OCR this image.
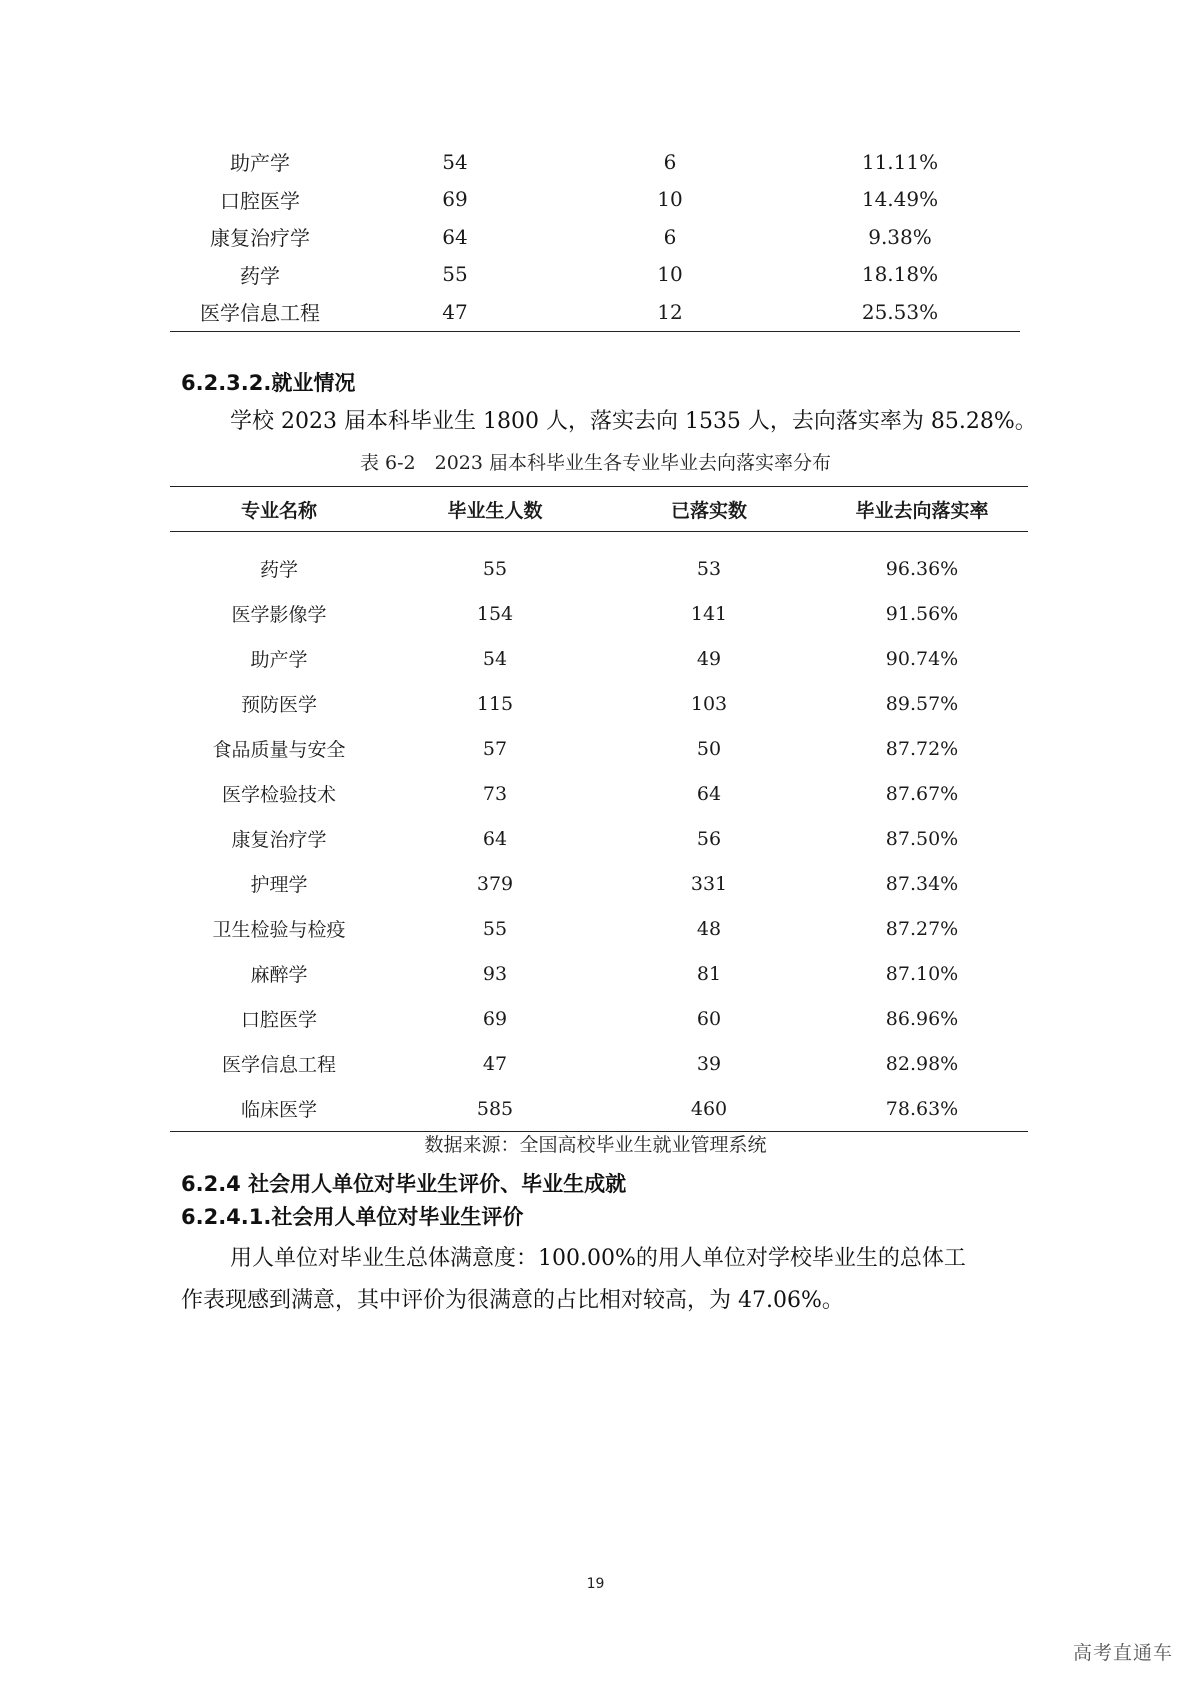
助产学	54	6	11.11%
口腔医学	69	10	14.49%
康复治疗学	64	6	9.38%
药学	55	10	18.18%
医学信息工程	47	12	25.53%
6.2.3.2.就业情况
学校 2023 届本科毕业生 1800 人，落实去向 1535 人，去向落实率为 85.28%。
表 6-2　2023 届本科毕业生各专业毕业去向落实率分布
专业名称	毕业生人数	已落实数	毕业去向落实率
药学	55	53	96.36%
医学影像学	154	141	91.56%
助产学	54	49	90.74%
预防医学	115	103	89.57%
食品质量与安全	57	50	87.72%
医学检验技术	73	64	87.67%
康复治疗学	64	56	87.50%
护理学	379	331	87.34%
卫生检验与检疫	55	48	87.27%
麻醉学	93	81	87.10%
口腔医学	69	60	86.96%
医学信息工程	47	39	82.98%
临床医学	585	460	78.63%
数据来源：全国高校毕业生就业管理系统
6.2.4 社会用人单位对毕业生评价、毕业生成就
6.2.4.1.社会用人单位对毕业生评价
用人单位对毕业生总体满意度：100.00%的用人单位对学校毕业生的总体工
作表现感到满意，其中评价为很满意的占比相对较高，为 47.06%。
19
高考直通车
